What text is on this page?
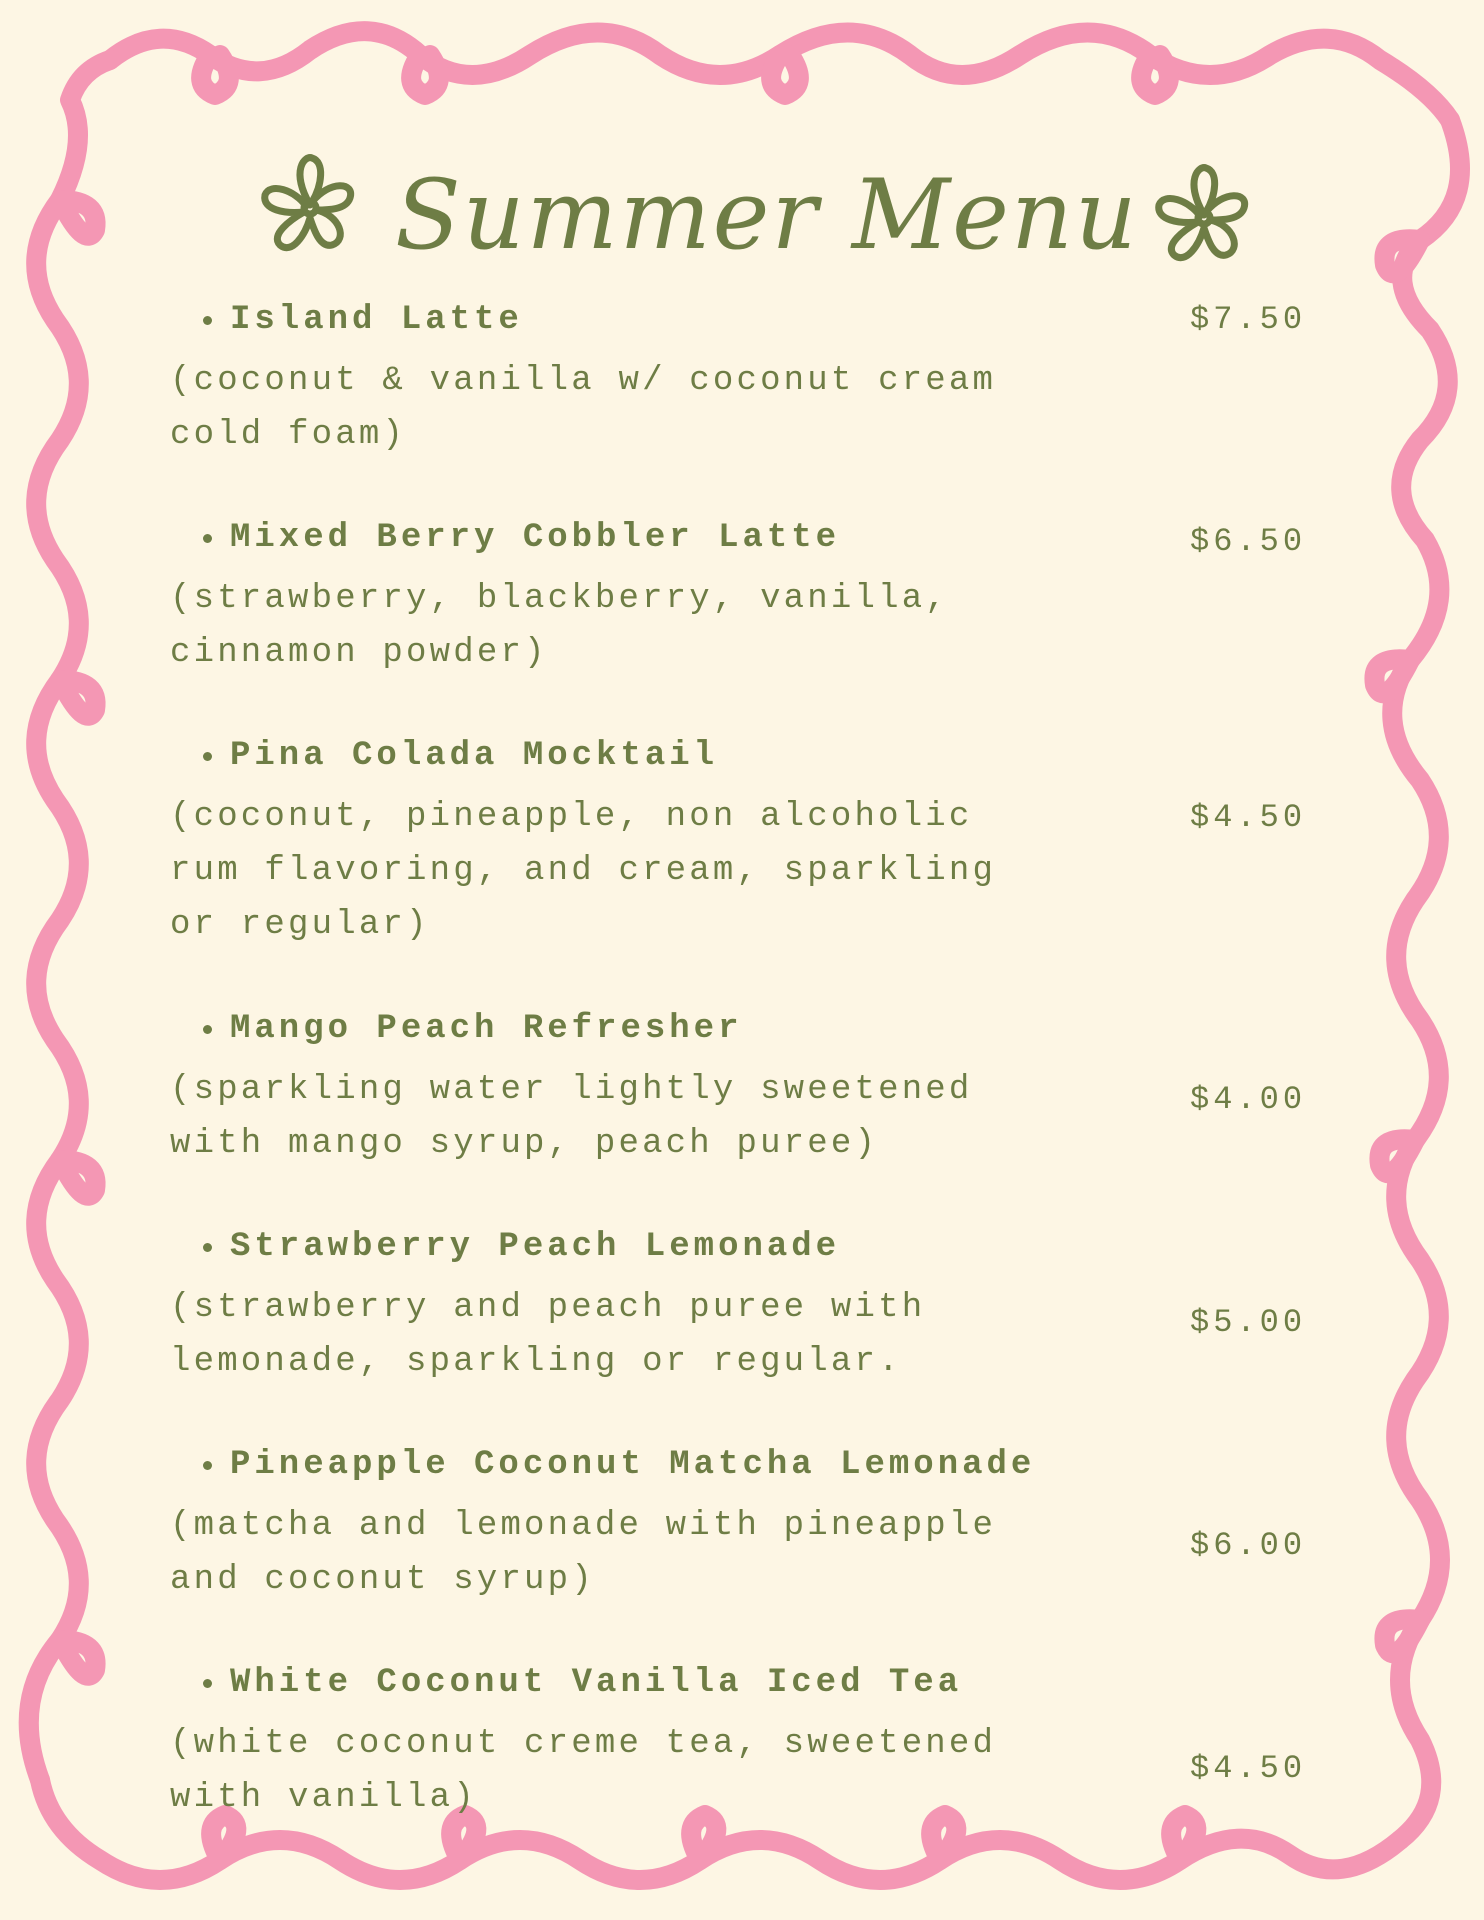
Summer Menu
Island Latte
(coconut & vanilla w/ coconut cream
cold foam)
$7.50
Mixed Berry Cobbler Latte
(strawberry, blackberry, vanilla,
cinnamon powder)
$6.50
Pina Colada Mocktail
(coconut, pineapple, non alcoholic
rum flavoring, and cream, sparkling
or regular)
$4.50
Mango Peach Refresher
(sparkling water lightly sweetened
with mango syrup, peach puree)
$4.00
Strawberry Peach Lemonade
(strawberry and peach puree with
lemonade, sparkling or regular.
$5.00
Pineapple Coconut Matcha Lemonade
(matcha and lemonade with pineapple
and coconut syrup)
$6.00
White Coconut Vanilla Iced Tea
(white coconut creme tea, sweetened
with vanilla)
$4.50
